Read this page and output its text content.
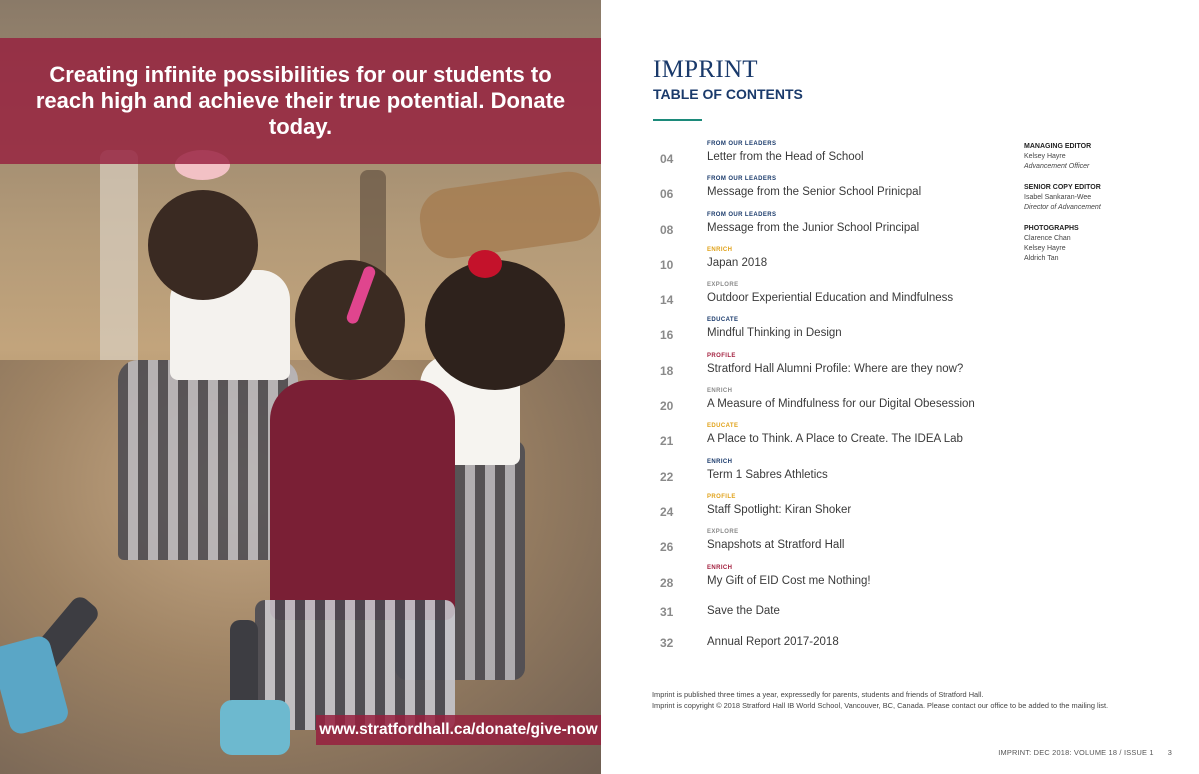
Creating infinite possibilities for our students to reach high and achieve their true potential. Donate today.
www.stratfordhall.ca/donate/give-now
IMPRINT
TABLE OF CONTENTS
FROM OUR LEADERS
04	Letter from the Head of School
FROM OUR LEADERS
06	Message from the Senior School Prinicpal
FROM OUR LEADERS
08	Message from the Junior School Principal
ENRICH
10	Japan 2018
EXPLORE
14	Outdoor Experiential Education and Mindfulness
EDUCATE
16	Mindful Thinking in Design
PROFILE
18	Stratford Hall Alumni Profile: Where are they now?
ENRICH
20	A Measure of Mindfulness for our Digital Obesession
EDUCATE
21	A Place to Think. A Place to Create. The IDEA Lab
ENRICH
22	Term 1 Sabres Athletics
PROFILE
24	Staff Spotlight: Kiran Shoker
EXPLORE
26	Snapshots at Stratford Hall
ENRICH
28	My Gift of EID Cost me Nothing!
31	Save the Date
32	Annual Report 2017-2018
MANAGING EDITOR
Kelsey Hayre
Advancement Officer
SENIOR COPY EDITOR
Isabel Sankaran-Wee
Director of Advancement
PHOTOGRAPHS
Clarence Chan
Kelsey Hayre
Aldrich Tan
Imprint is published three times a year, expressedly for parents, students and friends of Stratford Hall.
Imprint is copyright © 2018 Stratford Hall IB World School, Vancouver, BC, Canada. Please contact our office to be added to the mailing list.
IMPRINT: DEC 2018: VOLUME 18 / ISSUE 1 3
